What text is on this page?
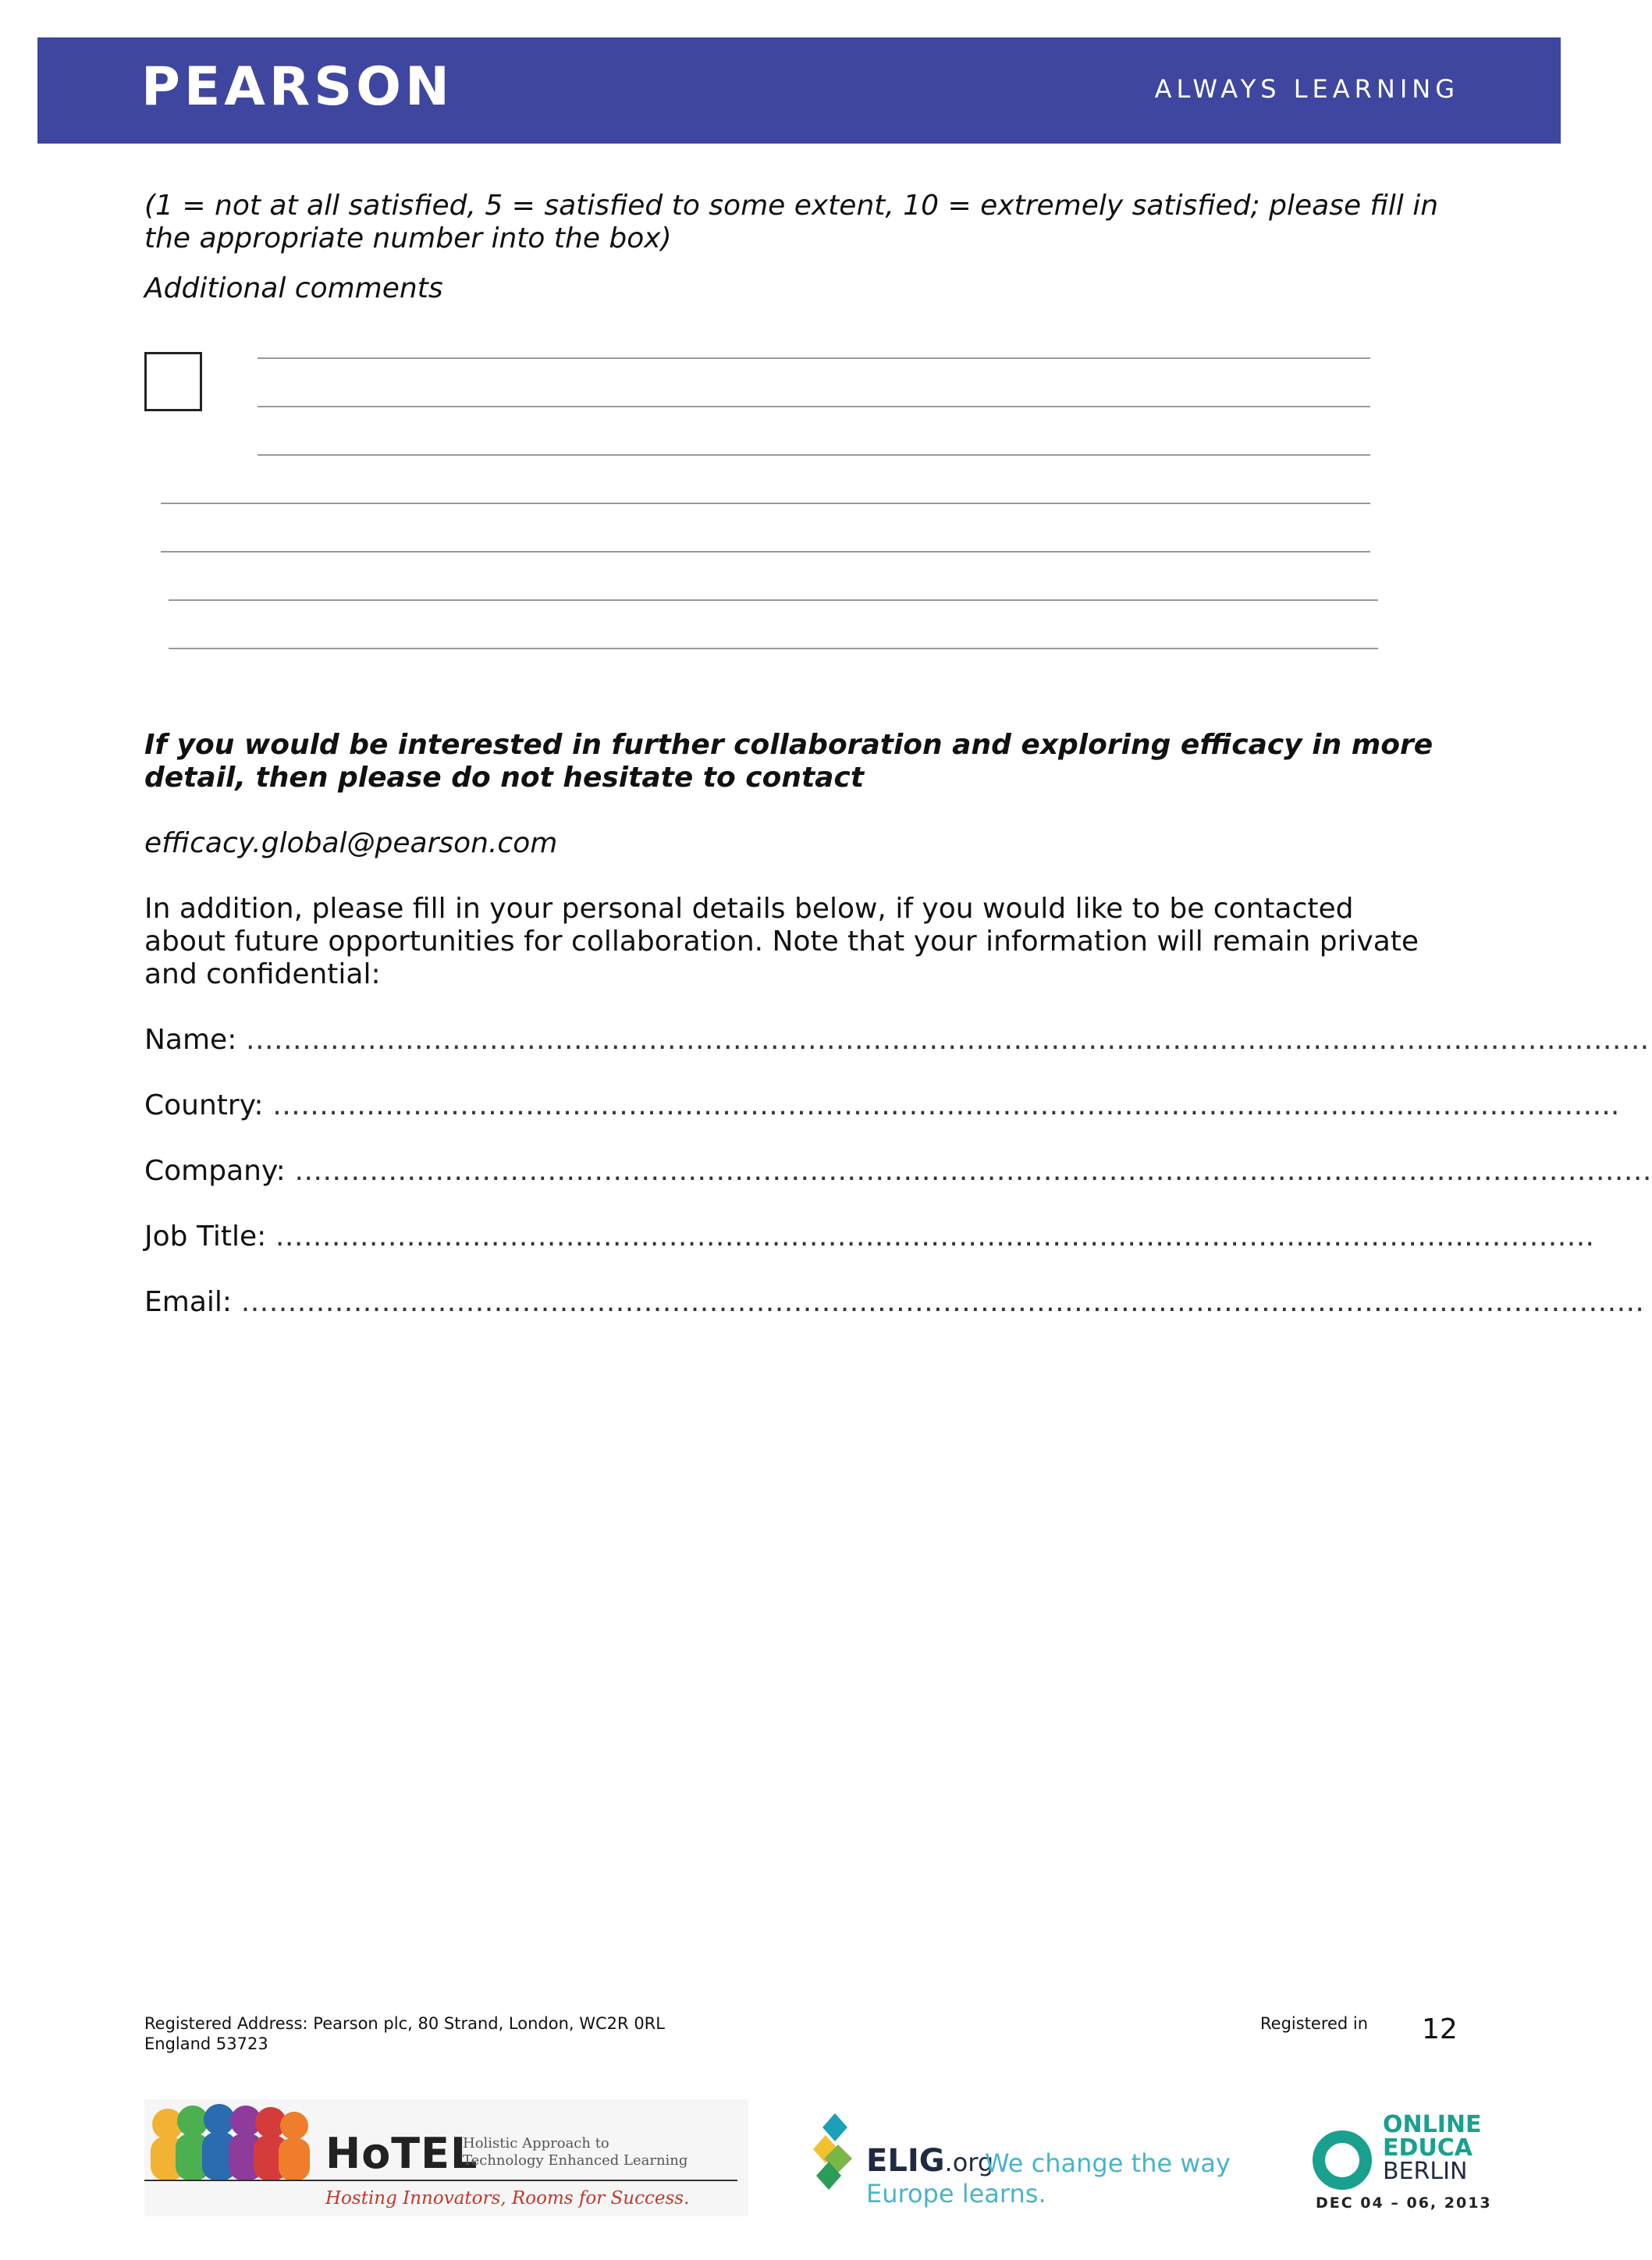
PEARSON	ALWAYS LEARNING

(1 = not at all satisfied, 5 = satisfied to some extent, 10 = extremely satisfied; please fill in the appropriate number into the box)

Additional comments

If you would be interested in further collaboration and exploring efficacy in more detail, then please do not hesitate to contact

efficacy.global@pearson.com

In addition, please fill in your personal details below, if you would like to be contacted about future opportunities for collaboration. Note that your information will remain private and confidential:

Name: ………………………………………………………….……………………………………………………….……………….
Country: ………………………………………………………….…………………………………………………………………..
Company: ………………………………………………………….……………………………………………………………………
Job Title: ………………………………………………………….…………………………………………………….………….
Email: ………………………………………………………….……………………………………………………….……………….
Registered Address: Pearson plc, 80 Strand, London, WC2R 0RL
England 53723
Registered in 12
HoTEL
Holistic Approach to
Technology Enhanced Learning
Hosting Innovators, Rooms for Success.
ELIG.org
We change the way
Europe learns.
ONLINE
EDUCA
BERLIN
DEC 04 – 06, 2013
